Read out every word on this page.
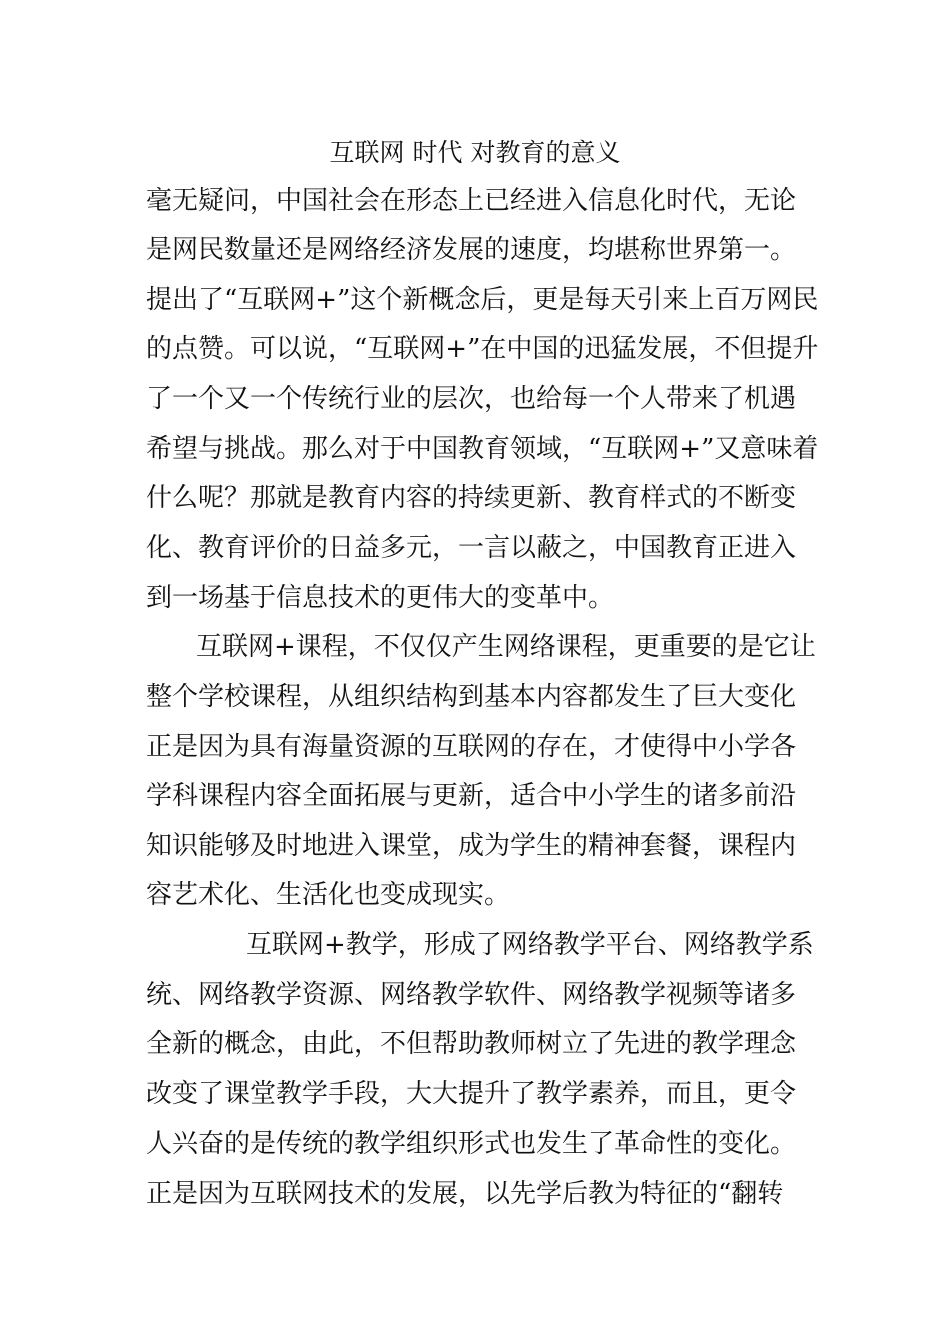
互联网 时代 对教育的意义
毫无疑问，中国社会在形态上已经进入信息化时代，无论
是网民数量还是网络经济发展的速度，均堪称世界第一。
提出了“互联网+”这个新概念后，更是每天引来上百万网民
的点赞。可以说，“互联网+”在中国的迅猛发展，不但提升
了一个又一个传统行业的层次，也给每一个人带来了机遇
希望与挑战。那么对于中国教育领域，“互联网+”又意味着
什么呢？那就是教育内容的持续更新、教育样式的不断变
化、教育评价的日益多元，一言以蔽之，中国教育正进入
到一场基于信息技术的更伟大的变革中。
互联网+课程，不仅仅产生网络课程，更重要的是它让
整个学校课程，从组织结构到基本内容都发生了巨大变化
正是因为具有海量资源的互联网的存在，才使得中小学各
学科课程内容全面拓展与更新，适合中小学生的诸多前沿
知识能够及时地进入课堂，成为学生的精神套餐，课程内
容艺术化、生活化也变成现实。
互联网+教学，形成了网络教学平台、网络教学系
统、网络教学资源、网络教学软件、网络教学视频等诸多
全新的概念，由此，不但帮助教师树立了先进的教学理念
改变了课堂教学手段，大大提升了教学素养，而且，更令
人兴奋的是传统的教学组织形式也发生了革命性的变化。
正是因为互联网技术的发展，以先学后教为特征的“翻转
